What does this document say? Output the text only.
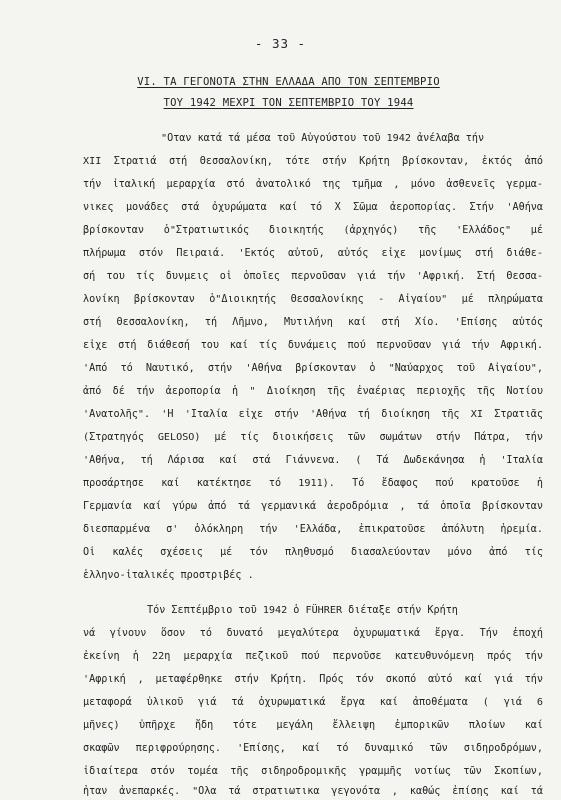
- 33 -
VI. ΤΑ ΓΕΓΟΝΟΤΑ ΣΤΗΝ ΕΛΛΑΔΑ ΑΠΟ ΤΟΝ ΣΕΠΤΕΜΒΡΙΟ
ΤΟΥ 1942 ΜΕΧΡΙ ΤΟΝ ΣΕΠΤΕΜΒΡΙΟ ΤΟΥ 1944
"Οταν κατά τά μέσα τοῦ Αὐγούστου τοῦ 1942 ἀνέλαβα τήν
XII Στρατιά στή Θεσσαλονίκη, τότε στήν Κρήτη βρίσκονταν, ἐκτός ἀπό
τήν ἰταλική μεραρχία στό ἀνατολικό της τμῆμα , μόνο ἀσθενεῖς γερμα-
νικες μονάδες στά ὀχυρώματα καί τό Χ Σῶμα ἀεροπορίας. Στήν 'Αθήνα
βρίσκονταν ὁ"Στρατιωτικός διοικητής (ἀρχηγός) τῆς 'Ελλάδος" μέ
πλήρωμα στόν Πειραιά. 'Εκτός αὐτοῦ, αὐτός εἶχε μονίμως στή διάθε-
σή του τίς δυνμεις οἱ ὁποῖες περνοῦσαν γιά τήν 'Αφρική. Στή Θεσσα-
λονίκη βρίσκονταν ὁ"Διοικητής Θεσσαλονίκης - Αἰγαίου" μέ πληρώματα
στή Θεσσαλονίκη, τή Λῆμνο, Μυτιλήνη καί στή Χίο. 'Επίσης αὐτός
εἶχε στή διάθεσή του καί τίς δυνάμεις πού περνοῦσαν γιά τήν Αφρική.
'Από τό Ναυτικό, στήν 'Αθήνα βρίσκονταν ὁ "Ναύαρχος τοῦ Αἰγαίου",
ἀπό δέ τήν ἀεροπορία ἡ " Διοίκηση τῆς ἐναέριας περιοχῆς τῆς Νοτίου
'Ανατολῆς". 'Η 'Ιταλία εἶχε στήν 'Αθήνα τή διοίκηση τῆς XI Στρατιᾶς
(Στρατηγός GELOSO) μέ τίς διοικήσεις τῶν σωμάτων στήν Πάτρα, τήν
'Αθήνα, τή Λάρισα καί στά Γιάννενα. ( Τά Δωδεκάνησα ἡ 'Ιταλία
προσάρτησε καί κατέκτησε τό 1911). Τό ἔδαφος πού κρατοῦσε ἡ
Γερμανία καί γύρω ἀπό τά γερμανικά ἀεροδρόμια , τά ὁποῖα βρίσκονταν
διεσπαρμένα σ' ὁλόκληρη τήν 'Ελλάδα, ἐπικρατοῦσε ἀπόλυτη ἠρεμία.
Οἱ καλές σχέσεις μέ τόν πληθυσμό διασαλεύονταν μόνο ἀπό τίς
ἑλληνο-ἰταλικές προστριβές .
Τόν Σεπτέμβριο τοῦ 1942 ὁ FÜHRER διέταξε στήν Κρήτη
νά γίνουν ὅσον τό δυνατό μεγαλύτερα ὀχυρωματικά ἔργα. Τήν ἐποχή
ἐκείνη ἡ 22η μεραρχία πεζικοῦ πού περνοῦσε κατευθυνόμενη πρός τήν
'Αφρική , μεταφέρθηκε στήν Κρήτη. Πρός τόν σκοπό αὐτό καί γιά τήν
μεταφορά ὑλικοῦ γιά τά ὀχυρωματικά ἔργα καί ἀποθέματα ( γιά 6
μῆνες) ὑπῆρχε ἤδη τότε μεγάλη ἔλλειψη ἐμπορικῶν πλοίων καί
σκαφῶν περιφρούρησης. 'Επίσης, καί τό δυναμικό τῶν σιδηροδρόμων,
ἰδιαίτερα στόν τομέα τῆς σιδηροδρομικῆς γραμμῆς νοτίως τῶν Σκοπίων,
ἦταν ἀνεπαρκές. "Ολα τά στρατιωτικα γεγονότα , καθώς ἐπίσης καί τά
